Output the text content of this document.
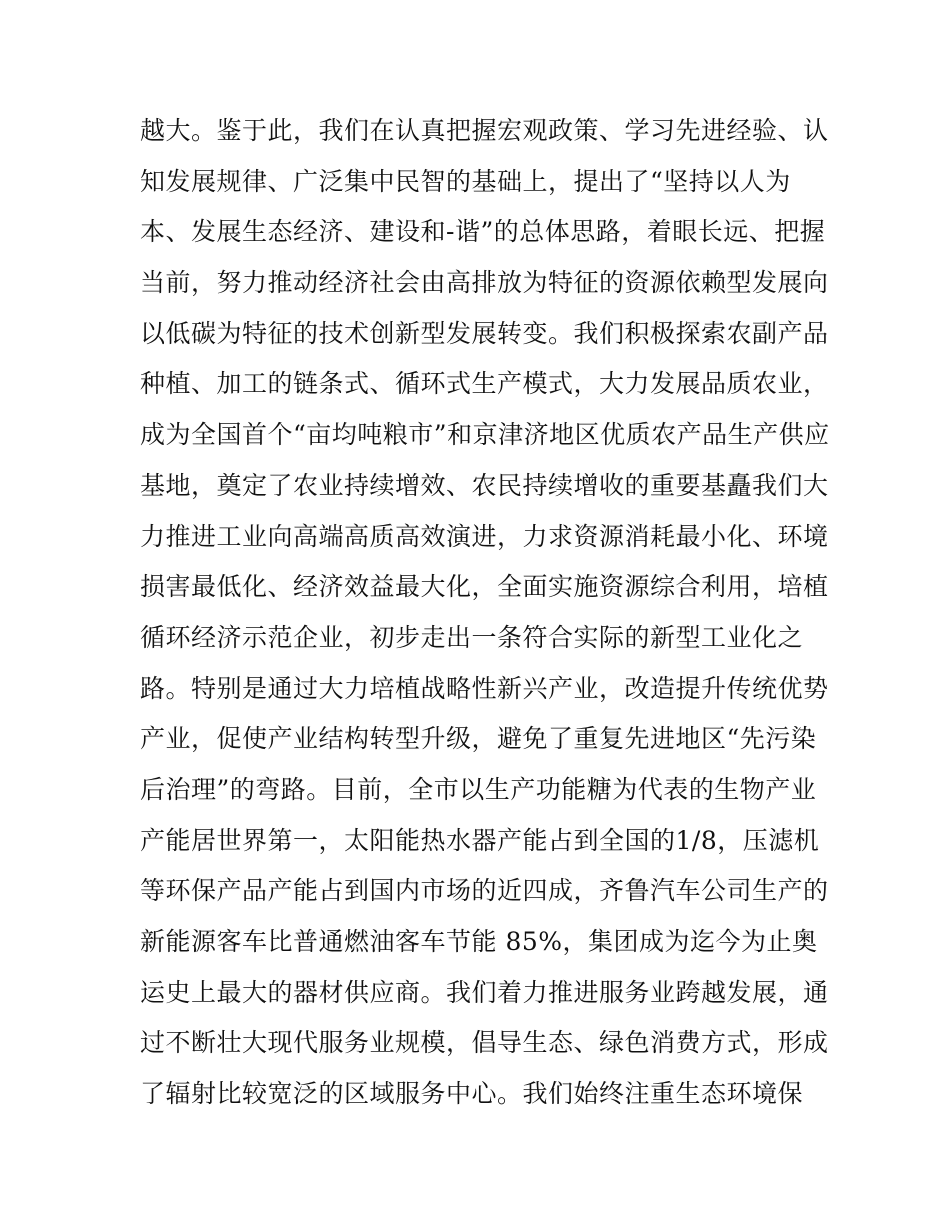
越大。鉴于此，我们在认真把握宏观政策、学习先进经验、认
知发展规律、广泛集中民智的基础上，提出了“坚持以人为
本、发展生态经济、建设和-谐”的总体思路，着眼长远、把握
当前，努力推动经济社会由高排放为特征的资源依赖型发展向
以低碳为特征的技术创新型发展转变。我们积极探索农副产品
种植、加工的链条式、循环式生产模式，大力发展品质农业，
成为全国首个“亩均吨粮市”和京津济地区优质农产品生产供应
基地，奠定了农业持续增效、农民持续增收的重要基矗我们大
力推进工业向高端高质高效演进，力求资源消耗最小化、环境
损害最低化、经济效益最大化，全面实施资源综合利用，培植
循环经济示范企业，初步走出一条符合实际的新型工业化之
路。特别是通过大力培植战略性新兴产业，改造提升传统优势
产业，促使产业结构转型升级，避免了重复先进地区“先污染
后治理”的弯路。目前，全市以生产功能糖为代表的生物产业
产能居世界第一，太阳能热水器产能占到全国的1/8，压滤机
等环保产品产能占到国内市场的近四成，齐鲁汽车公司生产的
新能源客车比普通燃油客车节能 85%，集团成为迄今为止奥
运史上最大的器材供应商。我们着力推进服务业跨越发展，通
过不断壮大现代服务业规模，倡导生态、绿色消费方式，形成
了辐射比较宽泛的区域服务中心。我们始终注重生态环境保
